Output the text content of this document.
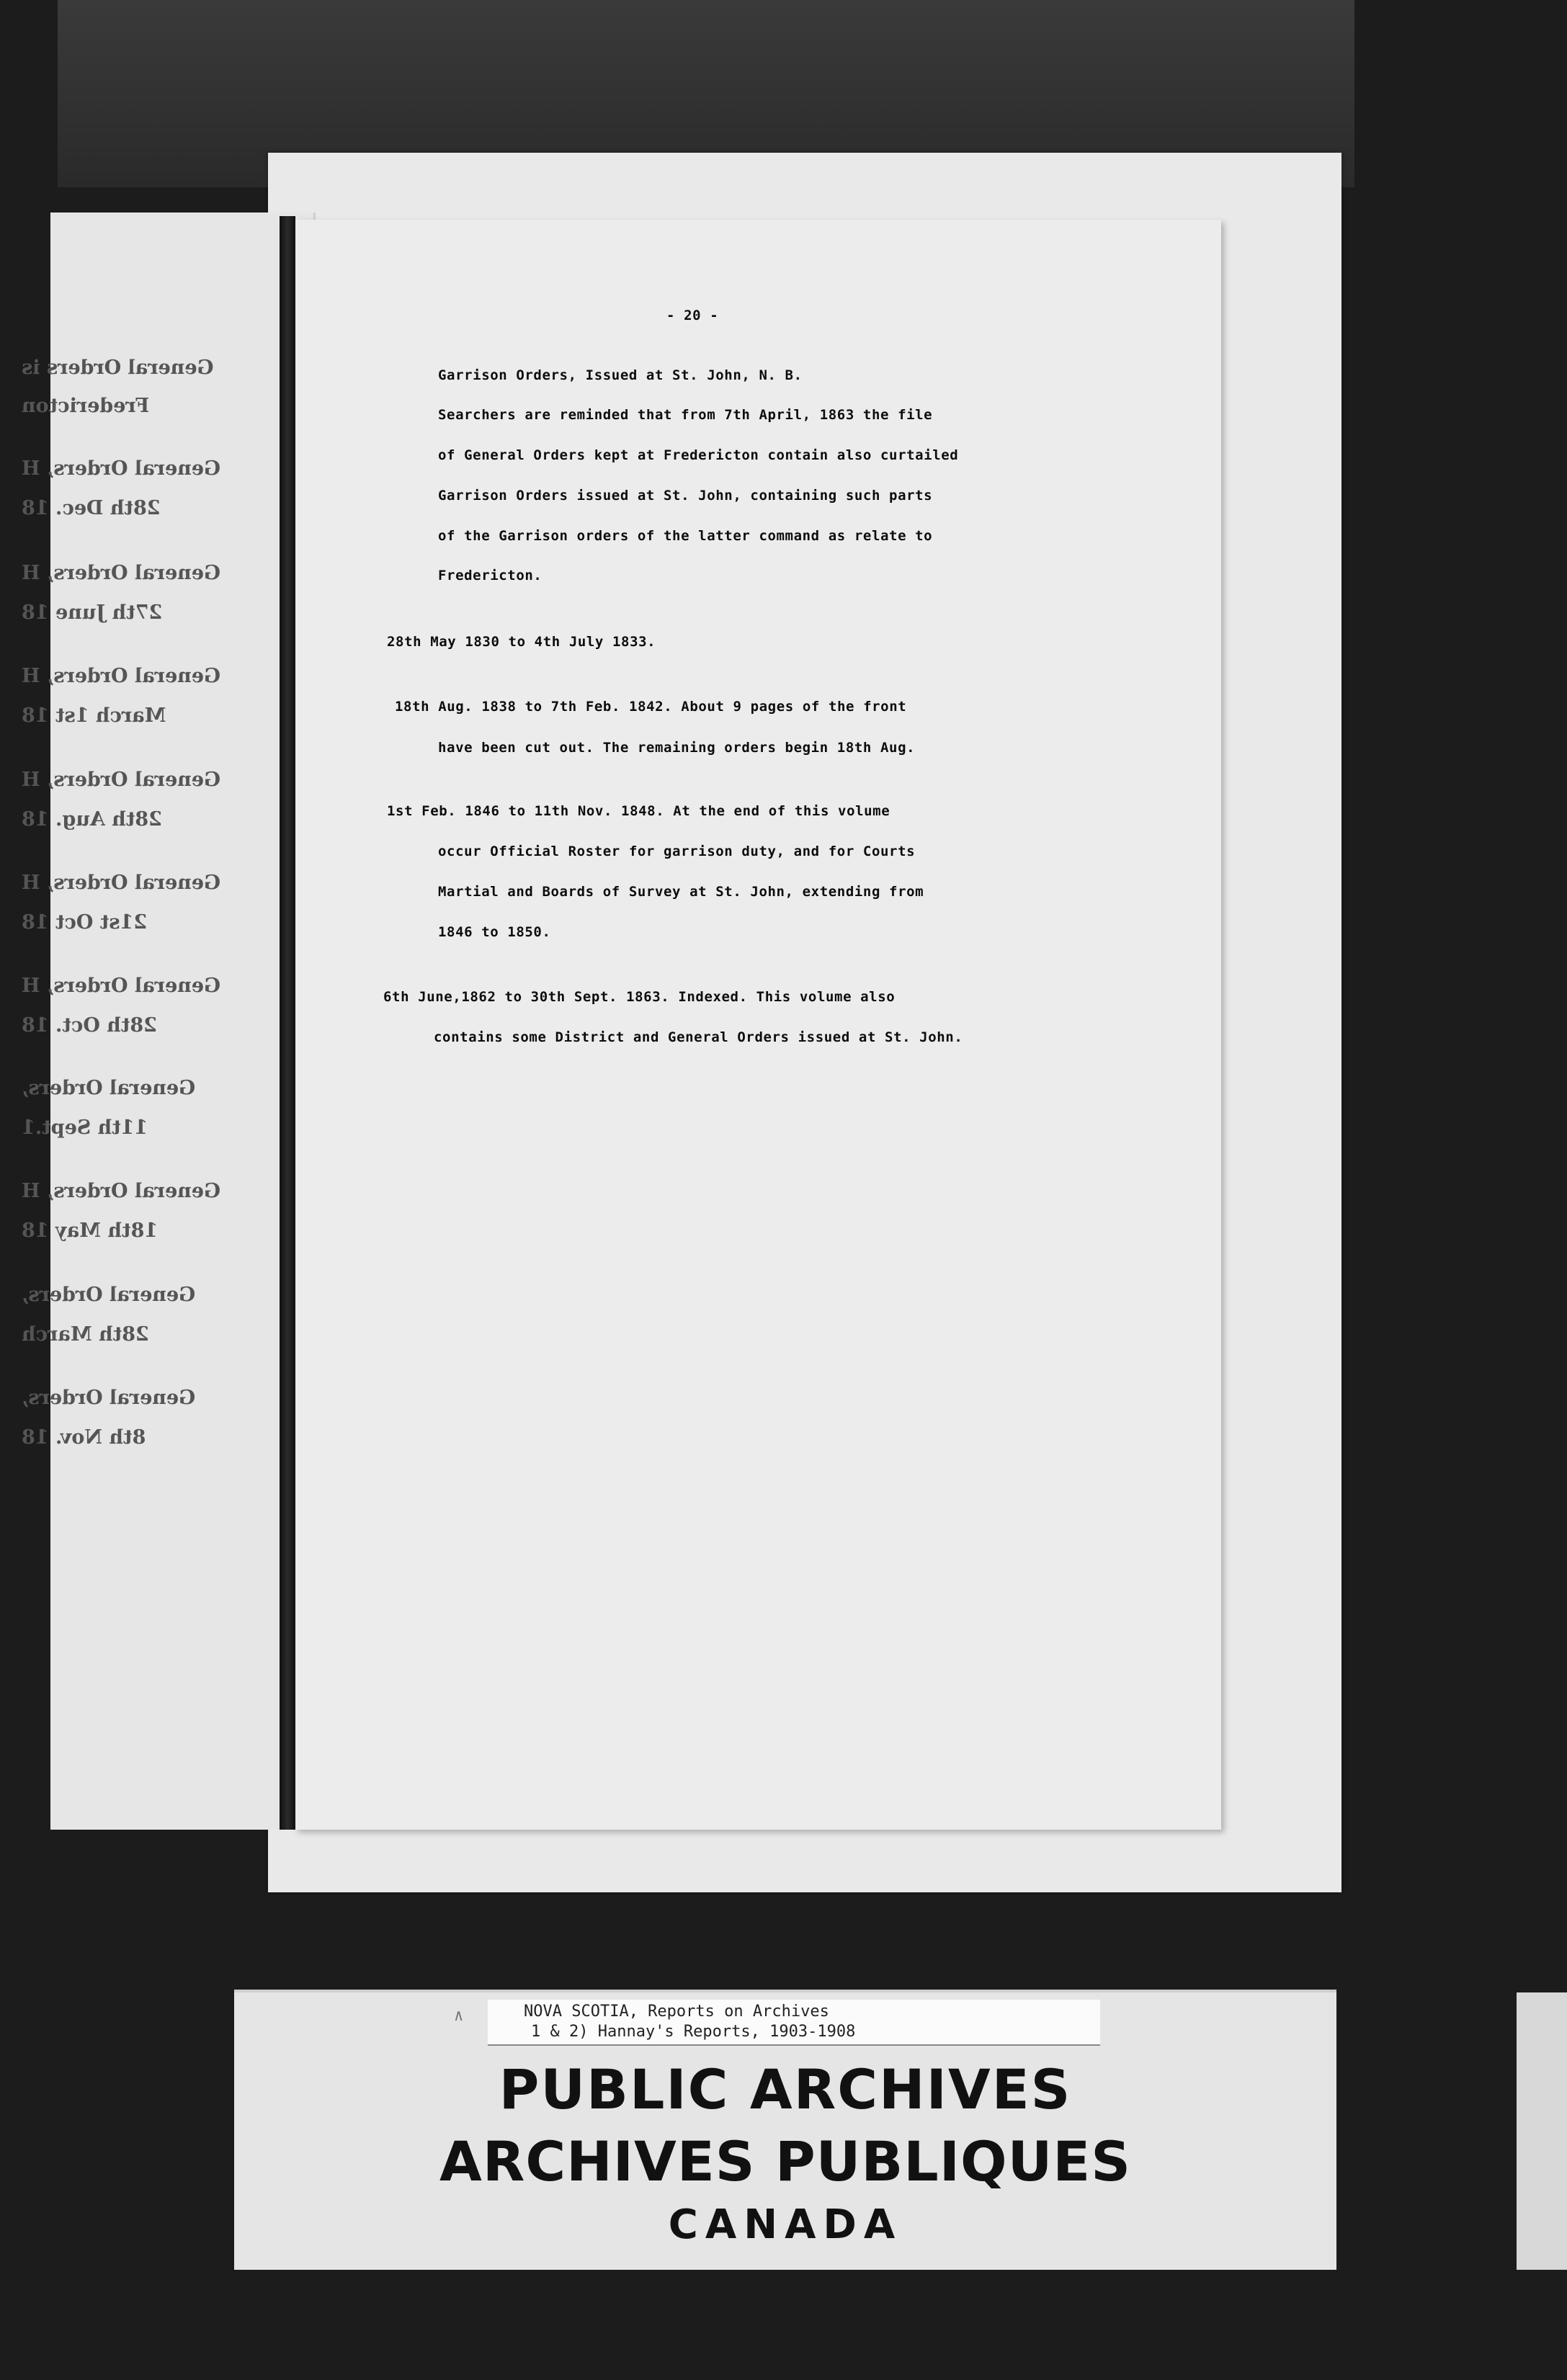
General Orders is
Fredericton
General Orders, H
28th Dec. 18
General Orders, H
27th June 18
General Orders, H
March 1st 18
General Orders, H
28th Aug. 18
General Orders, H
21st Oct 18
General Orders, H
28th Oct. 18
General Orders,
11th Sept.1
General Orders, H
18th May 18
General Orders,
28th March
General Orders,
8th Nov. 18
- 20 -
Garrison Orders, Issued at St. John, N. B.
Searchers are reminded that from 7th April, 1863 the file
of General Orders kept at Fredericton contain also curtailed
Garrison Orders issued at St. John, containing such parts
of the Garrison orders of the latter command as relate to
Fredericton.
28th May 1830 to 4th July 1833.
18th Aug. 1838 to 7th Feb. 1842. About 9 pages of the front
have been cut out. The remaining orders begin 18th Aug.
1st Feb. 1846 to 11th Nov. 1848. At the end of this volume
occur Official Roster for garrison duty, and for Courts
Martial and Boards of Survey at St. John, extending from
1846 to 1850.
6th June,1862 to 30th Sept. 1863. Indexed. This volume also
contains some District and General Orders issued at St. John.
∧	NOVA SCOTIA, Reports on Archives
1 & 2) Hannay's Reports, 1903-1908
PUBLIC ARCHIVES
ARCHIVES PUBLIQUES
CANADA
